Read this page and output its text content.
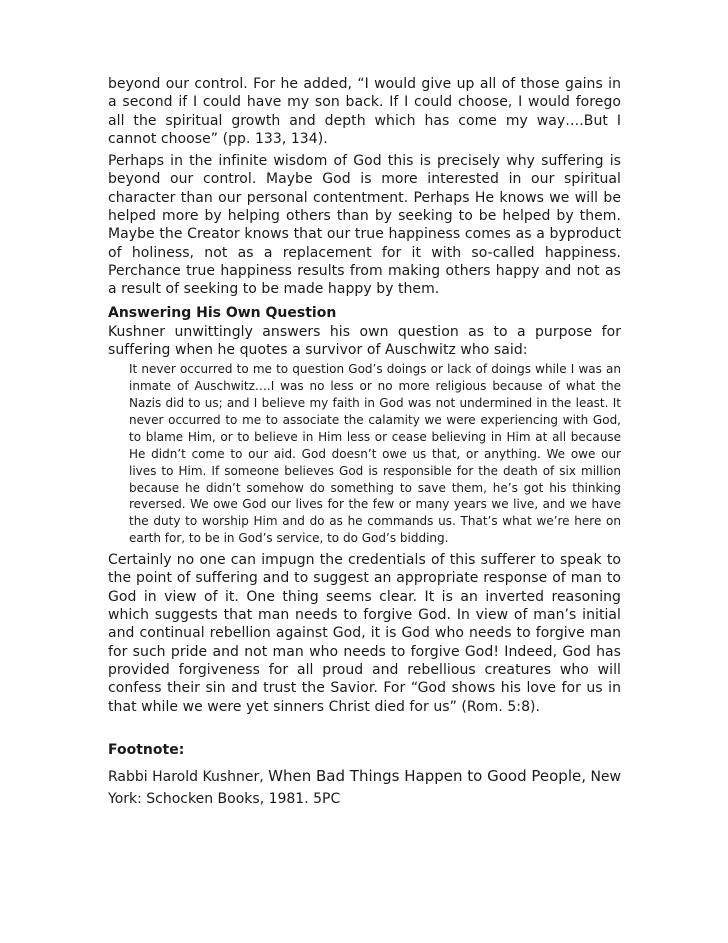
beyond our control. For he added, “I would give up all of those gains in a second if I could have my son back. If I could choose, I would forego all the spiritual growth and depth which has come my way….But I cannot choose” (pp. 133, 134).

Perhaps in the infinite wisdom of God this is precisely why suffering is beyond our control. Maybe God is more interested in our spiritual character than our personal contentment. Perhaps He knows we will be helped more by helping others than by seeking to be helped by them. Maybe the Creator knows that our true happiness comes as a byproduct of holiness, not as a replacement for it with so-called happiness. Perchance true happiness results from making others happy and not as a result of seeking to be made happy by them.

Answering His Own Question

Kushner unwittingly answers his own question as to a purpose for suffering when he quotes a survivor of Auschwitz who said:

It never occurred to me to question God’s doings or lack of doings while I was an inmate of Auschwitz….I was no less or no more religious because of what the Nazis did to us; and I believe my faith in God was not undermined in the least. It never occurred to me to associate the calamity we were experiencing with God, to blame Him, or to believe in Him less or cease believing in Him at all because He didn’t come to our aid. God doesn’t owe us that, or anything. We owe our lives to Him. If someone believes God is responsible for the death of six million because he didn’t somehow do something to save them, he’s got his thinking reversed. We owe God our lives for the few or many years we live, and we have the duty to worship Him and do as he commands us. That’s what we’re here on earth for, to be in God’s service, to do God’s bidding.

Certainly no one can impugn the credentials of this sufferer to speak to the point of suffering and to suggest an appropriate response of man to God in view of it. One thing seems clear. It is an inverted reasoning which suggests that man needs to forgive God. In view of man’s initial and continual rebellion against God, it is God who needs to forgive man for such pride and not man who needs to forgive God! Indeed, God has provided forgiveness for all proud and rebellious creatures who will confess their sin and trust the Savior. For “God shows his love for us in that while we were yet sinners Christ died for us” (Rom. 5:8).

Footnote:
Rabbi Harold Kushner, When Bad Things Happen to Good People, New York: Schocken Books, 1981. 5PC
